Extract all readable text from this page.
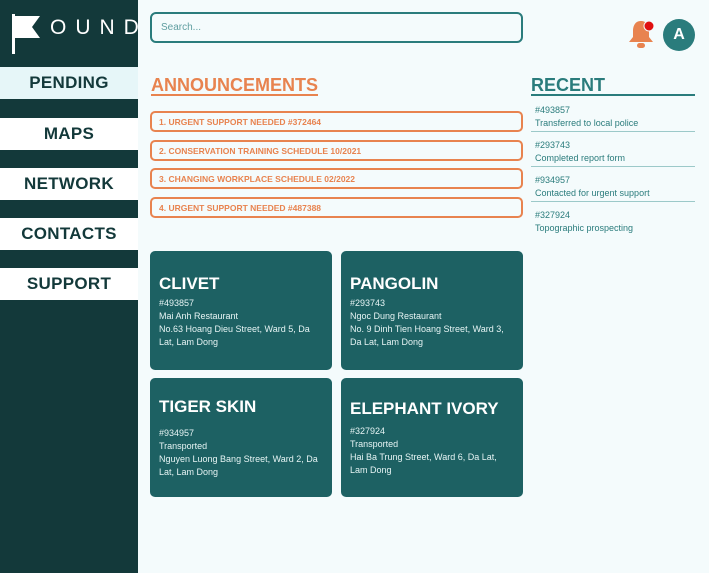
OUND
PENDING
MAPS
NETWORK
CONTACTS
SUPPORT
Search...
A
ANNOUNCEMENTS
1. URGENT SUPPORT NEEDED #372464
2. CONSERVATION TRAINING SCHEDULE 10/2021
3. CHANGING WORKPLACE SCHEDULE 02/2022
4. URGENT SUPPORT NEEDED #487388
RECENT
#493857
Transferred to local police
#293743
Completed report form
#934957
Contacted for urgent support
#327924
Topographic prospecting
CLIVET
#493857
Mai Anh Restaurant
No.63 Hoang Dieu Street, Ward 5, Da Lat, Lam Dong
PANGOLIN
#293743
Ngoc Dung Restaurant
No. 9 Dinh Tien Hoang Street, Ward 3, Da Lat, Lam Dong
TIGER SKIN
#934957
Transported
Nguyen Luong Bang Street, Ward 2, Da Lat, Lam Dong
ELEPHANT IVORY
#327924
Transported
Hai Ba Trung Street, Ward 6, Da Lat, Lam Dong
